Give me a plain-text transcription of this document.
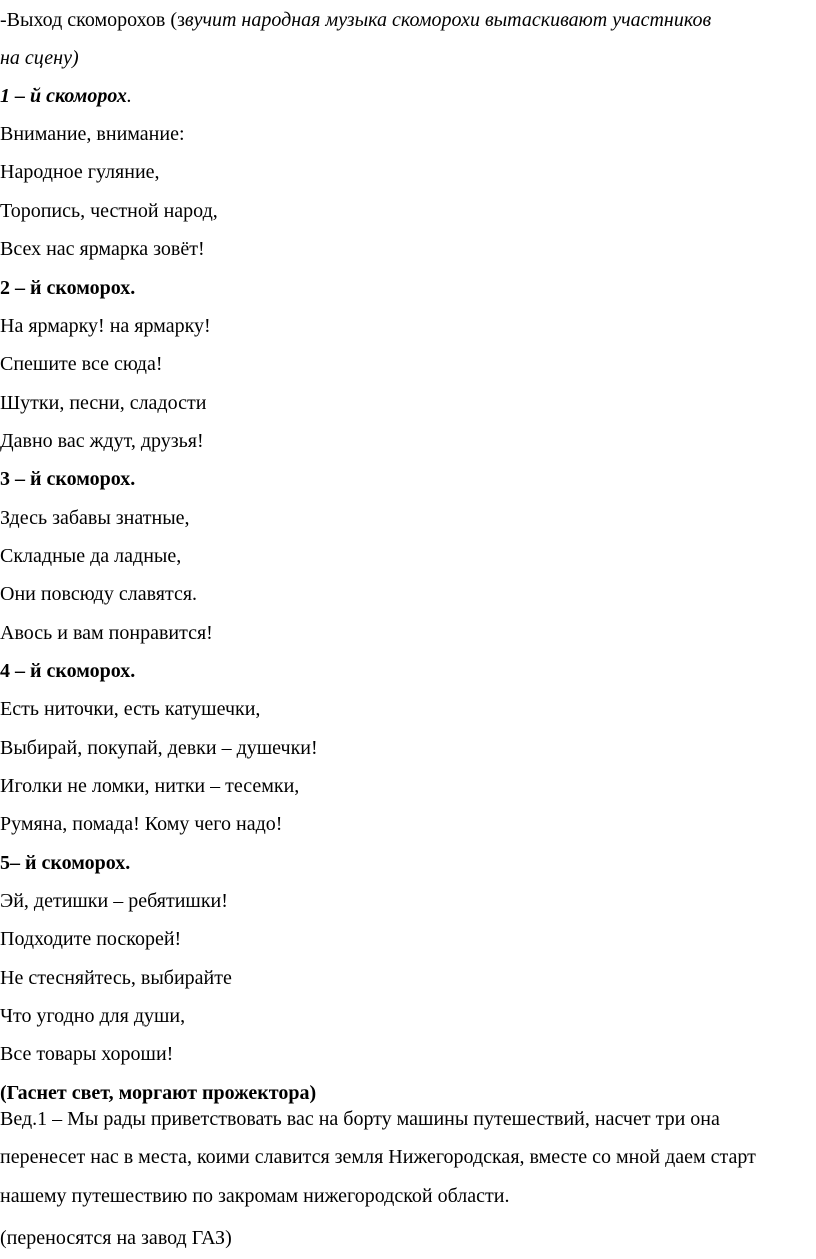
-Выход скоморохов (звучит народная музыка скоморохи вытаскивают участников
на сцену)
1 – й скоморох.
Внимание, внимание:
Народное гуляние,
Торопись, честной народ,
Всех нас ярмарка зовёт!
2 – й скоморох.
На ярмарку! на ярмарку!
Спешите все сюда!
Шутки, песни, сладости
Давно вас ждут, друзья!
3 – й скоморох.
Здесь забавы знатные,
Складные да ладные,
Они повсюду славятся.
Авось и вам понравится!
4 – й скоморох.
Есть ниточки, есть катушечки,
Выбирай, покупай, девки – душечки!
Иголки не ломки, нитки – тесемки,
Румяна, помада! Кому чего надо!
5– й скоморох.
Эй, детишки – ребятишки!
Подходите поскорей!
Не стесняйтесь, выбирайте
Что угодно для души,
Все товары хороши!
(Гаснет свет, моргают прожектора)
Вед.1 – Мы рады приветствовать вас на борту машины путешествий, насчет три она перенесет нас в места, коими славится земля Нижегородская, вместе со мной даем старт нашему путешествию по закромам нижегородской области.
(переносятся на завод ГАЗ)
